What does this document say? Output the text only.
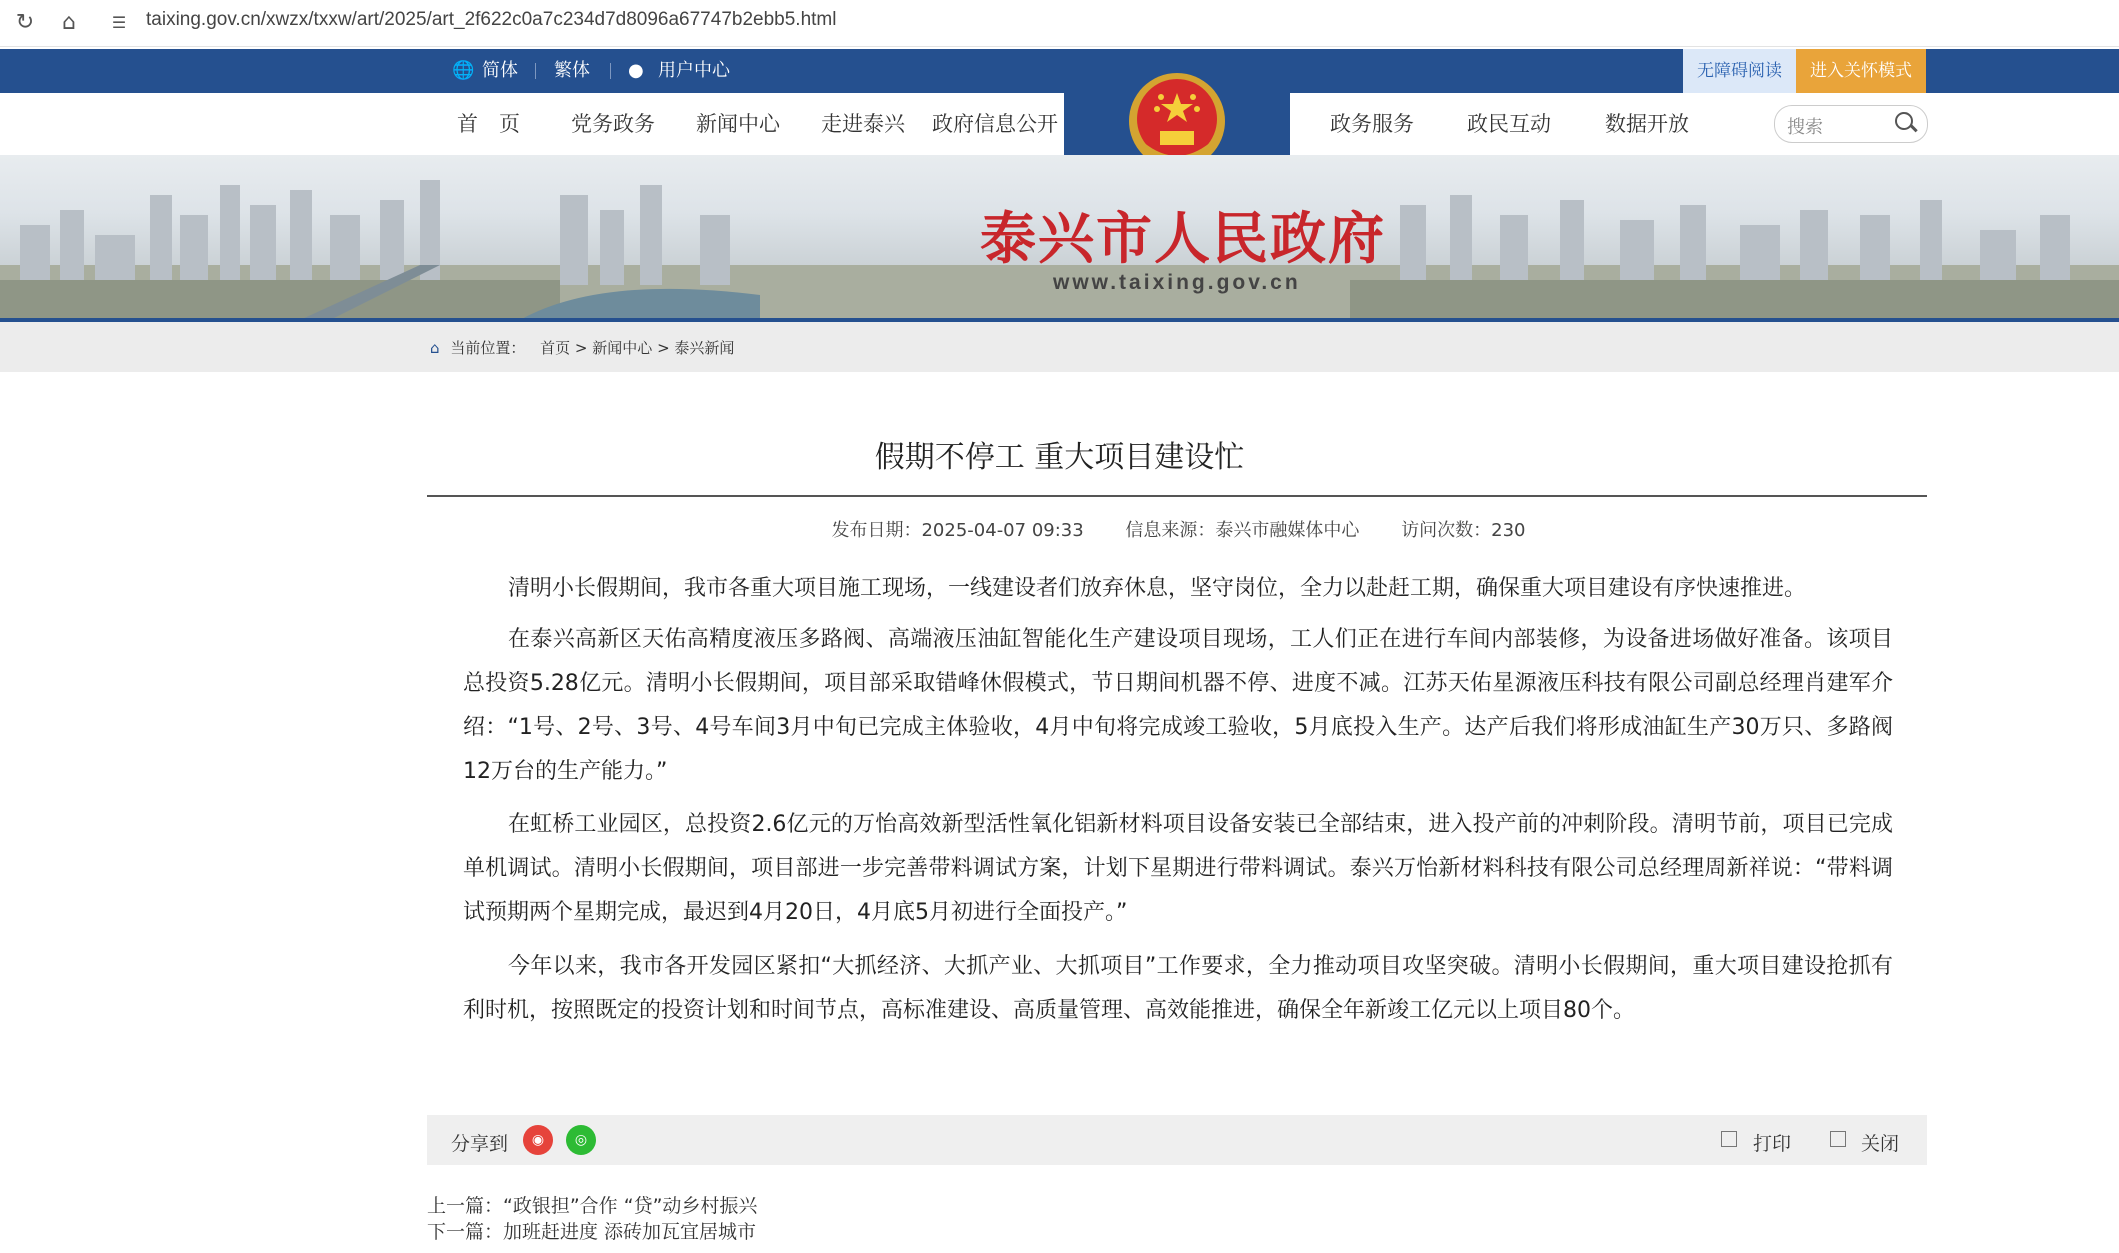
↻ ⌂	☰	taixing.gov.cn/xwzx/txxw/art/2025/art_2f622c0a7c234d7d8096a67747b2ebb5.html
🌐 简体 繁体 ● 用户中心	无障碍阅读	进入关怀模式
首　页 党务政务 新闻中心 走进泰兴 政府信息公开	政务服务	政民互动	数据开放	搜索
泰兴市人民政府
www.taixing.gov.cn
⌂ 当前位置： 首页 > 新闻中心 > 泰兴新闻
假期不停工 重大项目建设忙
发布日期：2025-04-07 09:33 信息来源：泰兴市融媒体中心 访问次数：230
清明小长假期间，我市各重大项目施工现场，一线建设者们放弃休息，坚守岗位，全力以赴赶工期，确保重大项目建设有序快速推进。
在泰兴高新区天佑高精度液压多路阀、高端液压油缸智能化生产建设项目现场，工人们正在进行车间内部装修，为设备进场做好准备。该项目总投资5.28亿元。清明小长假期间，项目部采取错峰休假模式，节日期间机器不停、进度不减。江苏天佑星源液压科技有限公司副总经理肖建军介绍：“1号、2号、3号、4号车间3月中旬已完成主体验收，4月中旬将完成竣工验收，5月底投入生产。达产后我们将形成油缸生产30万只、多路阀12万台的生产能力。”
在虹桥工业园区，总投资2.6亿元的万怡高效新型活性氧化铝新材料项目设备安装已全部结束，进入投产前的冲刺阶段。清明节前，项目已完成单机调试。清明小长假期间，项目部进一步完善带料调试方案，计划下星期进行带料调试。泰兴万怡新材料科技有限公司总经理周新祥说：“带料调试预期两个星期完成，最迟到4月20日，4月底5月初进行全面投产。”
今年以来，我市各开发园区紧扣“大抓经济、大抓产业、大抓项目”工作要求，全力推动项目攻坚突破。清明小长假期间，重大项目建设抢抓有利时机，按照既定的投资计划和时间节点，高标准建设、高质量管理、高效能推进，确保全年新竣工亿元以上项目80个。
分享到	◉	◎	打印	关闭
上一篇：“政银担”合作 “贷”动乡村振兴
下一篇：加班赶进度 添砖加瓦宜居城市
